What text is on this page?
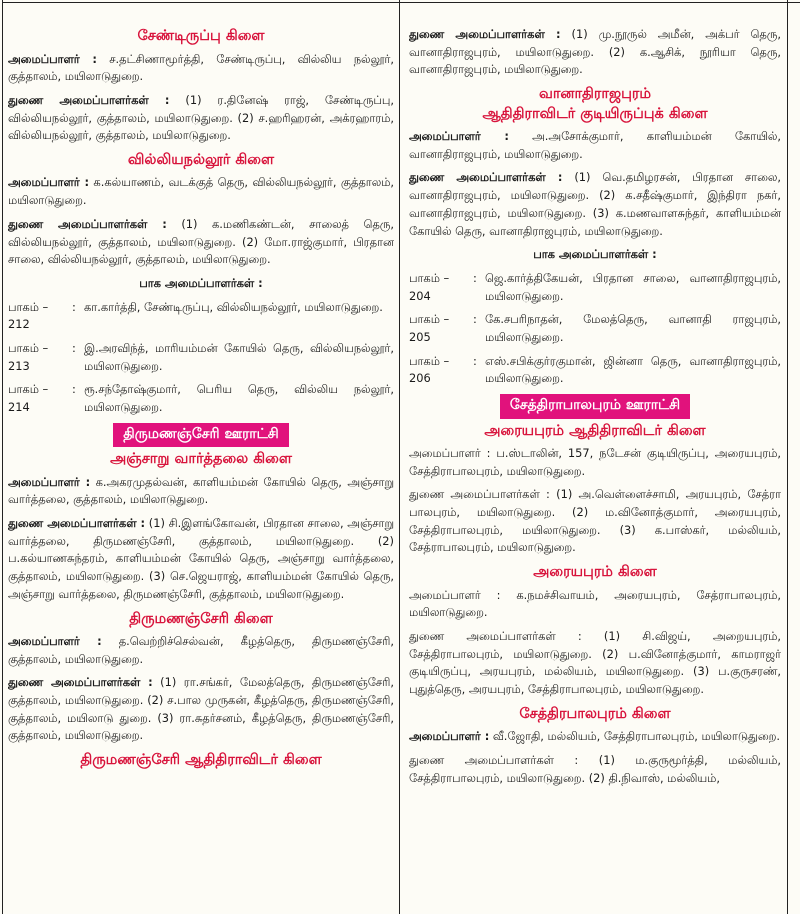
சேண்டிருப்பு கிளை

அமைப்பாளர் : ச.தட்சிணாமூர்த்தி, சேண்டிருப்பு, வில்லிய நல்லூர், குத்தாலம், மயிலாடுதுறை.

துணை அமைப்பாளர்கள் : (1) ர.தினேஷ் ராஜ், சேண்டிருப்பு, வில்லியநல்லூர், குத்தாலம், மயிலாடுதுறை. (2) ச.ஹரிஹரன், அக்ரஹாரம், வில்லியநல்லூர், குத்தாலம், மயிலாடுதுறை.

வில்லியநல்லூர் கிளை

அமைப்பாளர் : க.கல்யாணம், வடக்குத் தெரு, வில்லியநல்லூர், குத்தாலம், மயிலாடுதுறை.

துணை அமைப்பாளர்கள் : (1) க.மணிகண்டன், சாலைத் தெரு, வில்லியநல்லூர், குத்தாலம், மயிலாடுதுறை. (2) மோ.ராஜ்குமார், பிரதான சாலை, வில்லியநல்லூர், குத்தாலம், மயிலாடுதுறை.

பாக அமைப்பாளர்கள் :
பாகம் – 212
: கா.கார்த்தி, சேண்டிருப்பு, வில்லியநல்லூர், மயிலாடுதுறை.
பாகம் – 213
: இ.அரவிந்த், மாரியம்மன் கோயில் தெரு, வில்லியநல்லூர், மயிலாடுதுறை.
பாகம் – 214
: ரூ.சந்தோஷ்குமார், பெரிய தெரு, வில்லிய நல்லூர், மயிலாடுதுறை.
திருமணஞ்சேரி ஊராட்சி
அஞ்சாறு வார்த்தலை கிளை

அமைப்பாளர் : க.அகரமுதல்வன், காளியம்மன் கோயில் தெரு, அஞ்சாறு வார்த்தலை, குத்தாலம், மயிலாடுதுறை.

துணை அமைப்பாளர்கள் : (1) சி.இளங்கோவன், பிரதான சாலை, அஞ்சாறு வார்த்தலை, திருமணஞ்சேரி, குத்தாலம், மயிலாடுதுறை. (2) ப.கல்யாணசுந்தரம், காளியம்மன் கோயில் தெரு, அஞ்சாறு வார்த்தலை, குத்தாலம், மயிலாடுதுறை. (3) செ.ஜெயராஜ், காளியம்மன் கோயில் தெரு, அஞ்சாறு வார்த்தலை, திருமணஞ்சேரி, குத்தாலம், மயிலாடுதுறை.

திருமணஞ்சேரி கிளை

அமைப்பாளர் : த.வெற்றிச்செல்வன், கீழத்தெரு, திருமணஞ்சேரி, குத்தாலம், மயிலாடுதுறை.

துணை அமைப்பாளர்கள் : (1) ரா.சங்கர், மேலத்தெரு, திருமணஞ்சேரி, குத்தாலம், மயிலாடுதுறை. (2) ச.பால முருகன், கீழத்தெரு, திருமணஞ்சேரி, குத்தாலம், மயிலாடு துறை. (3) ரா.சுதர்சனம், கீழத்தெரு, திருமணஞ்சேரி, குத்தாலம், மயிலாடுதுறை.

திருமணஞ்சேரி ஆதிதிராவிடர் கிளை

துணை அமைப்பாளர்கள் : (1) மு.நூருல் அமீன், அக்பர் தெரு, வானாதிராஜபுரம், மயிலாடுதுறை. (2) க.ஆசிக், நூரியா தெரு, வானாதிராஜபுரம், மயிலாடுதுறை.

வானாதிராஜபுரம்
ஆதிதிராவிடர் குடியிருப்புக் கிளை

அமைப்பாளர் : அ.அசோக்குமார், காளியம்மன் கோயில், வானாதிராஜபுரம், மயிலாடுதுறை.

துணை அமைப்பாளர்கள் : (1) வெ.தமிழரசன், பிரதான சாலை, வானாதிராஜபுரம், மயிலாடுதுறை. (2) க.சதீஷ்குமார், இந்திரா நகர், வானாதிராஜபுரம், மயிலாடுதுறை. (3) க.மணவாளசுந்தர், காளியம்மன் கோயில் தெரு, வானாதிராஜபுரம், மயிலாடுதுறை.

பாக அமைப்பாளர்கள் :
பாகம் – 204
: ஜெ.கார்த்திகேயன், பிரதான சாலை, வானாதிராஜபுரம், மயிலாடுதுறை.
பாகம் – 205
: கே.சபரிநாதன், மேலத்தெரு, வானாதி ராஜபுரம், மயிலாடுதுறை.
பாகம் – 206
: எஸ்.சபிக்குர்ரகுமான், ஜின்னா தெரு, வானாதிராஜபுரம், மயிலாடுதுறை.
சேத்திராபாலபுரம் ஊராட்சி
அரையபுரம் ஆதிதிராவிடர் கிளை

அமைப்பாளர் : ப.ஸ்டாலின், 157, நடேசன் குடியிருப்பு, அரையபுரம், சேத்திராபாலபுரம், மயிலாடுதுறை.

துணை அமைப்பாளர்கள் : (1) அ.வெள்ளைச்சாமி, அரயபுரம், சேத்ரா பாலபுரம், மயிலாடுதுறை. (2) ம.வினோத்குமார், அரையபுரம், சேத்திராபாலபுரம், மயிலாடுதுறை. (3) க.பாஸ்கர், மல்லியம், சேத்ராபாலபுரம், மயிலாடுதுறை.

அரையபுரம் கிளை

அமைப்பாளர் : க.நமச்சிவாயம், அரையபுரம், சேத்ராபாலபுரம், மயிலாடுதுறை.

துணை அமைப்பாளர்கள் : (1) சி.விஜய், அறையபுரம், சேத்திராபாலபுரம், மயிலாடுதுறை. (2) ப.வினோத்குமார், காமராஜர் குடியிருப்பு, அரயபுரம், மல்லியம், மயிலாடுதுறை. (3) ப.குருசரண், புதுத்தெரு, அரயபுரம், சேத்திராபாலபுரம், மயிலாடுதுறை.

சேத்திரபாலபுரம் கிளை

அமைப்பாளர் : வீ.ஜோதி, மல்லியம், சேத்திராபாலபுரம், மயிலாடுதுறை.

துணை அமைப்பாளர்கள் : (1) ம.குருமூர்த்தி, மல்லியம், சேத்திராபாலபுரம், மயிலாடுதுறை. (2) தி.நிவாஸ், மல்லியம்,
